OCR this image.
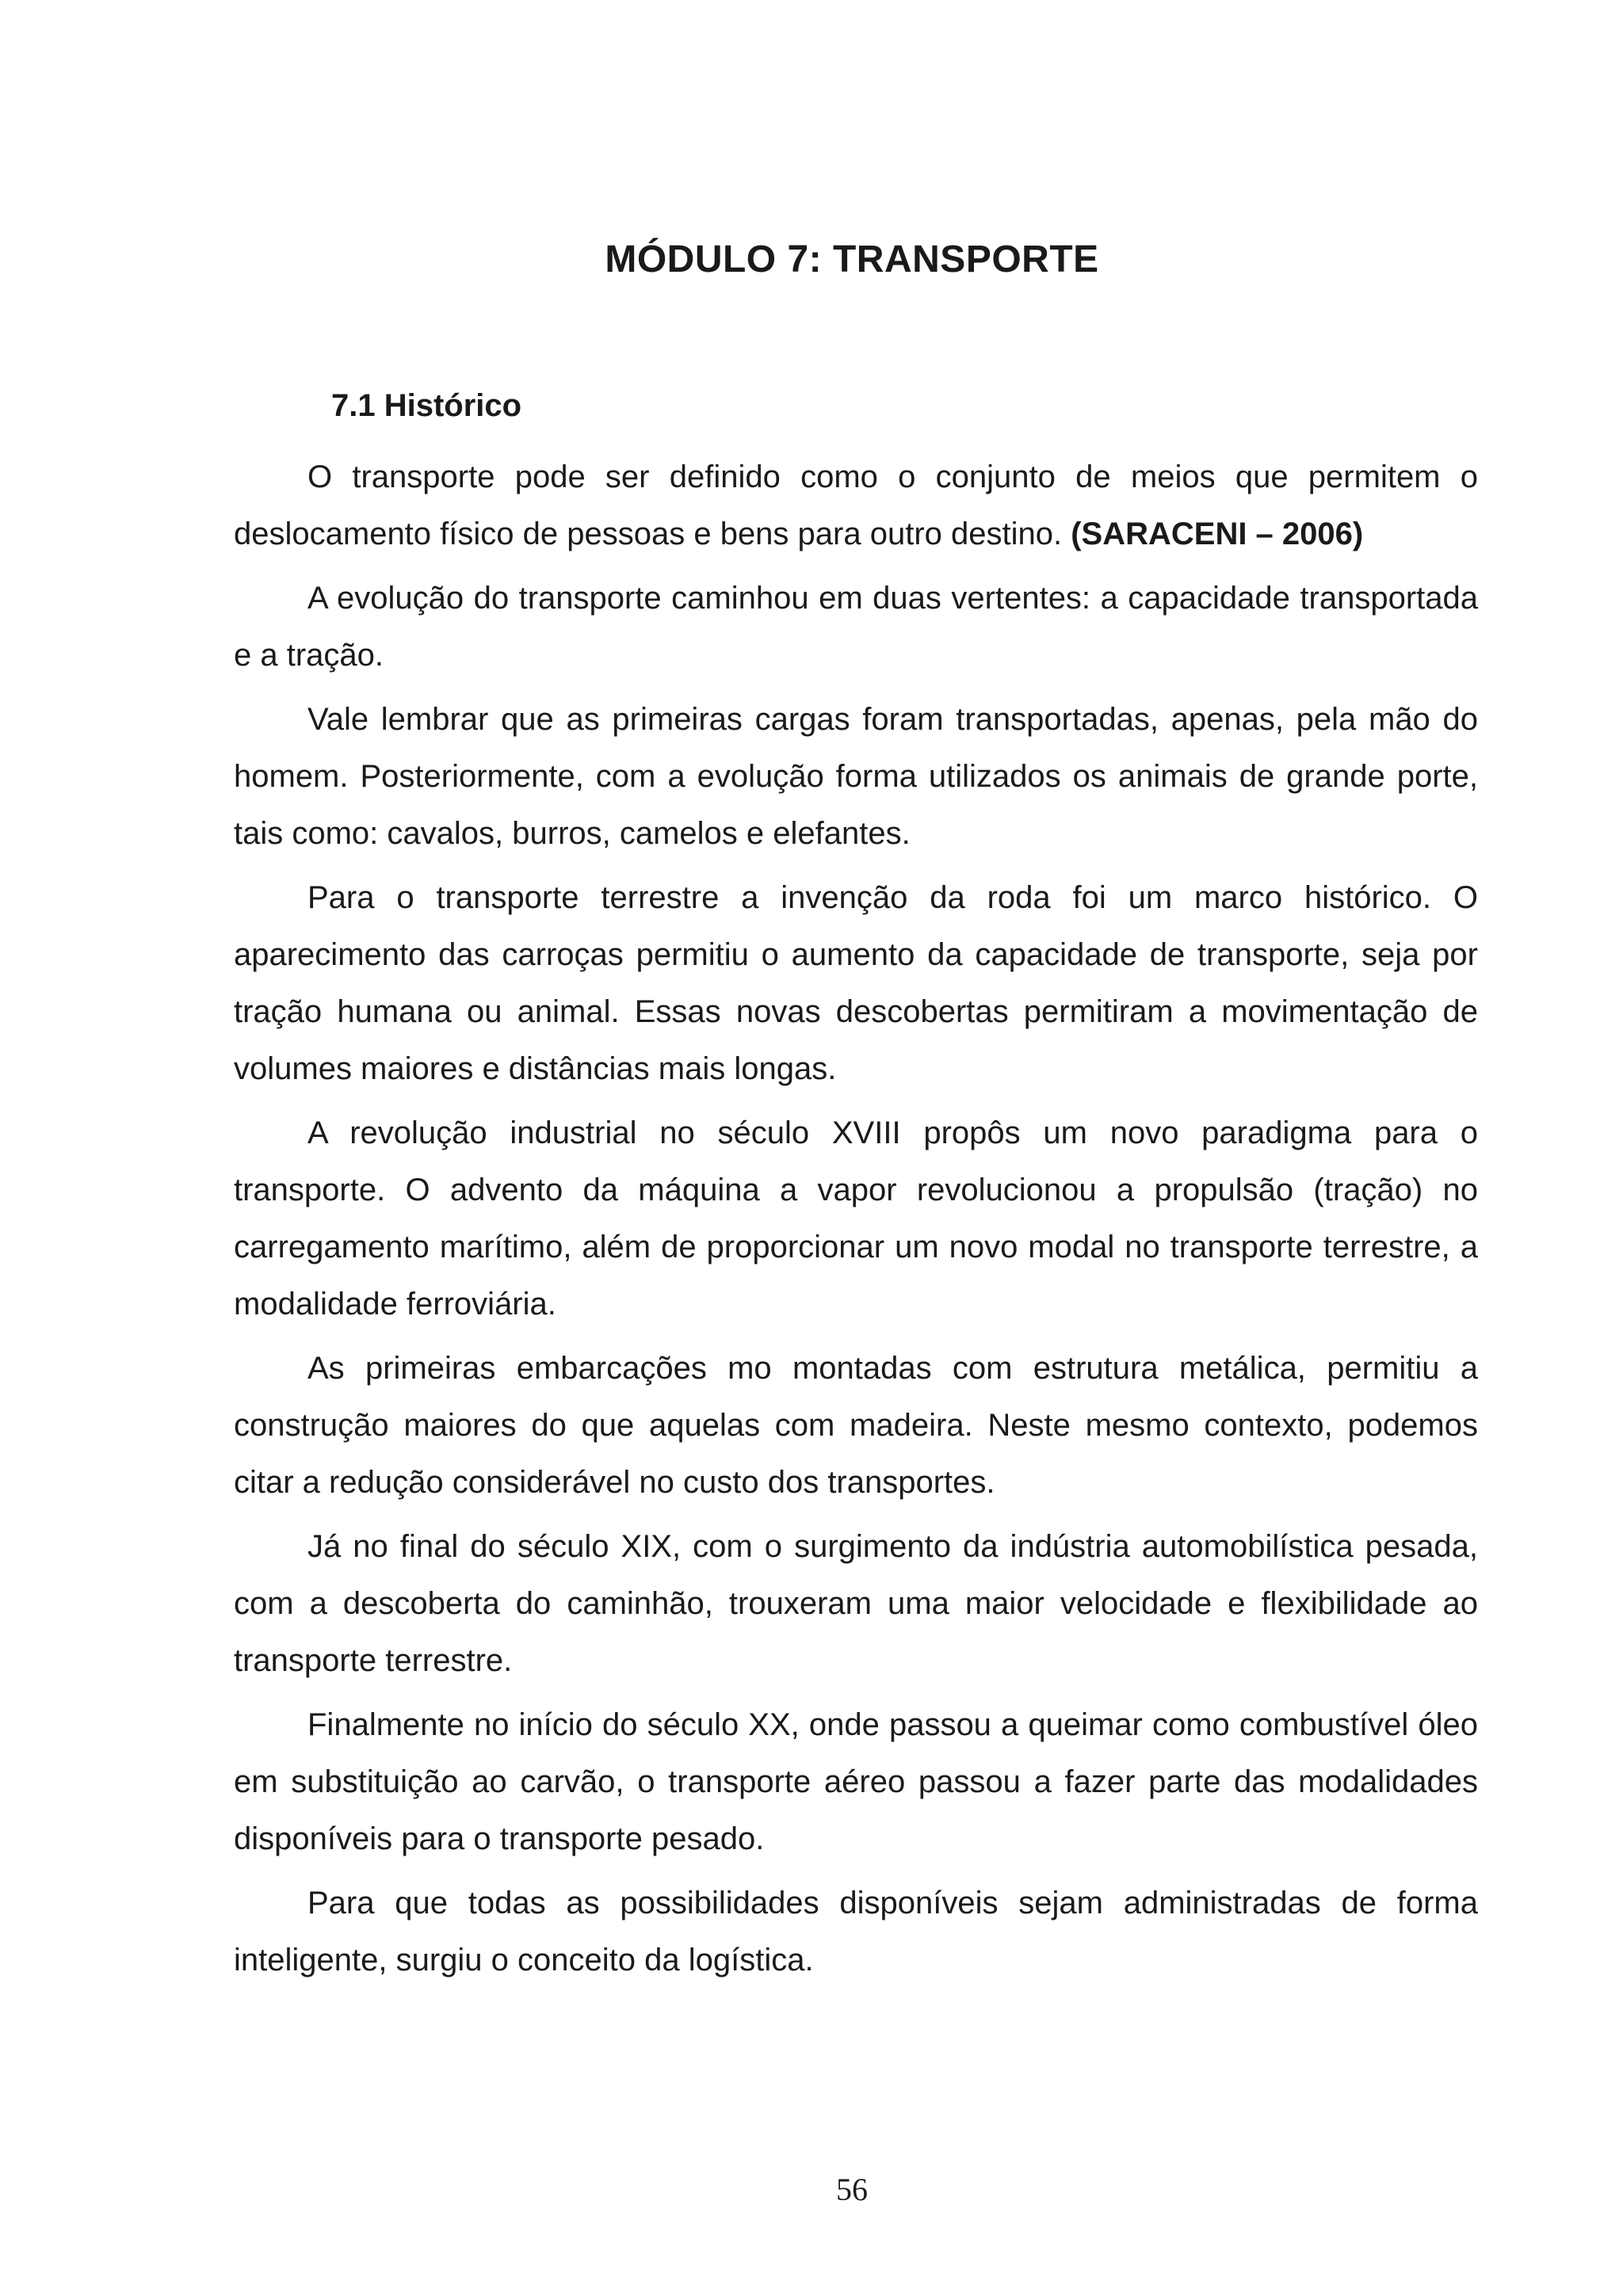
MÓDULO 7: TRANSPORTE
7.1 Histórico

O transporte pode ser definido como o conjunto de meios que permitem o deslocamento físico de pessoas e bens para outro destino. (SARACENI – 2006)

A evolução do transporte caminhou em duas vertentes: a capacidade transportada e a tração.

Vale lembrar que as primeiras cargas foram transportadas, apenas, pela mão do homem. Posteriormente, com a evolução forma utilizados os animais de grande porte, tais como: cavalos, burros, camelos e elefantes.

Para o transporte terrestre a invenção da roda foi um marco histórico. O aparecimento das carroças permitiu o aumento da capacidade de transporte, seja por tração humana ou animal. Essas novas descobertas permitiram a movimentação de volumes maiores e distâncias mais longas.

A revolução industrial no século XVIII propôs um novo paradigma para o transporte. O advento da máquina a vapor revolucionou a propulsão (tração) no carregamento marítimo, além de proporcionar um novo modal no transporte terrestre, a modalidade ferroviária.

As primeiras embarcações mo montadas com estrutura metálica, permitiu a construção maiores do que aquelas com madeira. Neste mesmo contexto, podemos citar a redução considerável no custo dos transportes.

Já no final do século XIX, com o surgimento da indústria automobilística pesada, com a descoberta do caminhão, trouxeram uma maior velocidade e flexibilidade ao transporte terrestre.

Finalmente no início do século XX, onde passou a queimar como combustível óleo em substituição ao carvão, o transporte aéreo passou a fazer parte das modalidades disponíveis para o transporte pesado.

Para que todas as possibilidades disponíveis sejam administradas de forma inteligente, surgiu o conceito da logística.

56
